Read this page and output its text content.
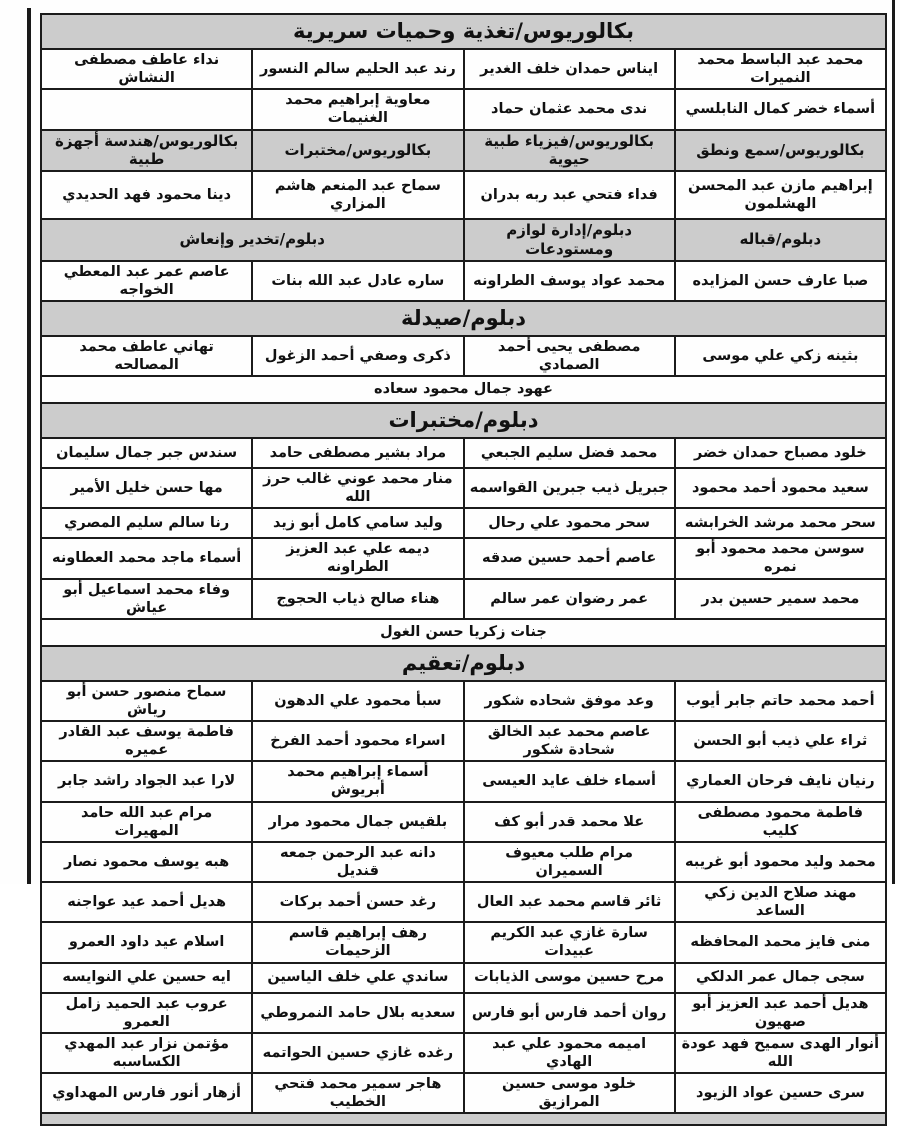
بكالوريوس/تغذية وحميات سريرية			
محمد عبد الباسط محمد النميرات	ايناس حمدان خلف الغدير	رند عبد الحليم سالم النسور	نداء عاطف مصطفى النشاش
أسماء خضر كمال النابلسي	ندى محمد عثمان حماد	معاوية إبراهيم محمد الغنيمات	
بكالوريوس/سمع ونطق	بكالوريوس/فيزياء طبية حيوية	بكالوريوس/مختبرات	بكالوريوس/هندسة أجهزة طبية
إبراهيم مازن عبد المحسن الهشلمون	فداء فتحي عبد ربه بدران	سماح عبد المنعم هاشم المزاري	دينا محمود فهد الحديدي
دبلوم/قباله	دبلوم/إدارة لوازم ومستودعات	دبلوم/تخدير وإنعاش	
صبا عارف حسن المزايده	محمد عواد يوسف الطراونه	ساره عادل عبد الله بنات	عاصم عمر عبد المعطي الخواجه
دبلوم/صيدلة			
بثينه زكي علي موسى	مصطفى يحيى أحمد الصمادي	ذكرى وصفي أحمد الزغول	تهاني عاطف محمد المصالحه
عهود جمال محمود سعاده			
دبلوم/مختبرات			
خلود مصباح حمدان خضر	محمد فضل سليم الجبعي	مراد بشير مصطفى حامد	سندس جبر جمال سليمان
سعيد محمود أحمد محمود	جبريل ذيب جبرين القواسمه	منار محمد عوني غالب حرز الله	مها حسن خليل الأمير
سحر محمد مرشد الخرابشه	سحر محمود علي رحال	وليد سامي كامل أبو زيد	رنا سالم سليم المصري
سوسن محمد محمود أبو نمره	عاصم أحمد حسين صدقه	ديمه علي عبد العزيز الطراونه	أسماء ماجد محمد العطاونه
محمد سمير حسين بدر	عمر رضوان عمر سالم	هناء صالح ذياب الحجوج	وفاء محمد اسماعيل أبو عياش
جنات زكريا حسن الغول			
دبلوم/تعقيم			
أحمد محمد حاتم جابر أيوب	وعد موفق شحاده شكور	سبأ محمود علي الدهون	سماح منصور حسن أبو رياش
ثراء علي ذيب أبو الحسن	عاصم محمد عبد الخالق شحادة شكور	اسراء محمود أحمد الفرخ	فاطمة يوسف عبد القادر عميره
رنيان نايف فرحان العماري	أسماء خلف عايد العيسى	أسماء إبراهيم محمد أبريوش	لارا عبد الجواد راشد جابر
فاطمة محمود مصطفى كليب	علا محمد قدر أبو كف	بلقيس جمال محمود مرار	مرام عبد الله حامد المهيرات
محمد وليد محمود أبو غريبه	مرام طلب معيوف السميران	دانه عبد الرحمن جمعه قنديل	هبه يوسف محمود نصار
مهند صلاح الدين زكي الساعد	ثائر قاسم محمد عبد العال	رغد حسن أحمد بركات	هديل أحمد عيد عواجنه
منى فايز محمد المحافظه	سارة غازي عبد الكريم عبيدات	رهف إبراهيم قاسم الزحيمات	اسلام عيد داود العمرو
سجى جمال عمر الدلكي	مرح حسين موسى الذيابات	ساندي علي خلف الياسين	ايه حسين علي النوايسه
هديل أحمد عبد العزيز أبو صهيون	روان أحمد فارس أبو فارس	سعديه بلال حامد النمروطي	عروب عبد الحميد زامل العمرو
أنوار الهدى سميح فهد عودة الله	اميمه محمود علي عبد الهادي	رغده غازي حسين الحواتمه	مؤتمن نزار عبد المهدي الكساسبه
سرى حسين عواد الزيود	خلود موسى حسين المرازيق	هاجر سمير محمد فتحي الخطيب	أزهار أنور فارس المهداوي
